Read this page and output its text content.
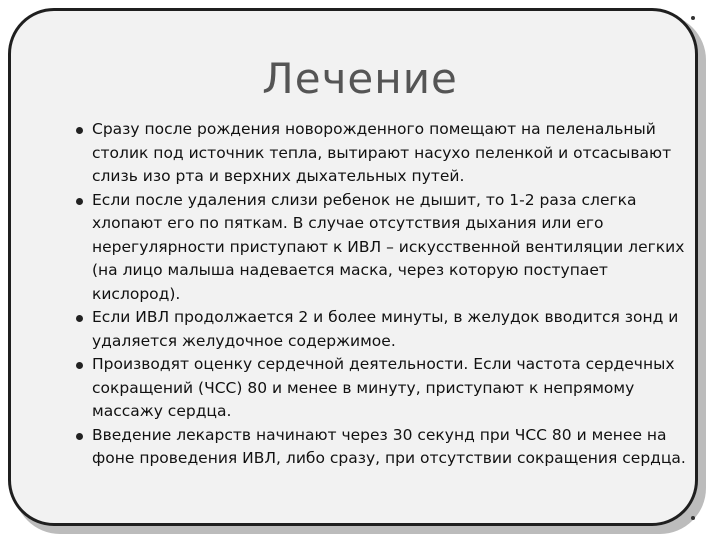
Лечение
Сразу после рождения новорожденного помещают на пеленальный столик под источник тепла, вытирают насухо пеленкой и отсасывают слизь изо рта и верхних дыхательных путей.
Если после удаления слизи ребенок не дышит, то 1-2 раза слегка хлопают его по пяткам. В случае отсутствия дыхания или его нерегулярности приступают к ИВЛ – искусственной вентиляции легких (на лицо малыша надевается маска, через которую поступает кислород).
Если ИВЛ продолжается 2 и более минуты, в желудок вводится зонд и удаляется желудочное содержимое.
Производят оценку сердечной деятельности. Если частота сердечных сокращений (ЧСС) 80 и менее в минуту, приступают к непрямому массажу сердца.
Введение лекарств начинают через 30 секунд при ЧСС 80 и менее на фоне проведения ИВЛ, либо сразу, при отсутствии сокращения сердца.
